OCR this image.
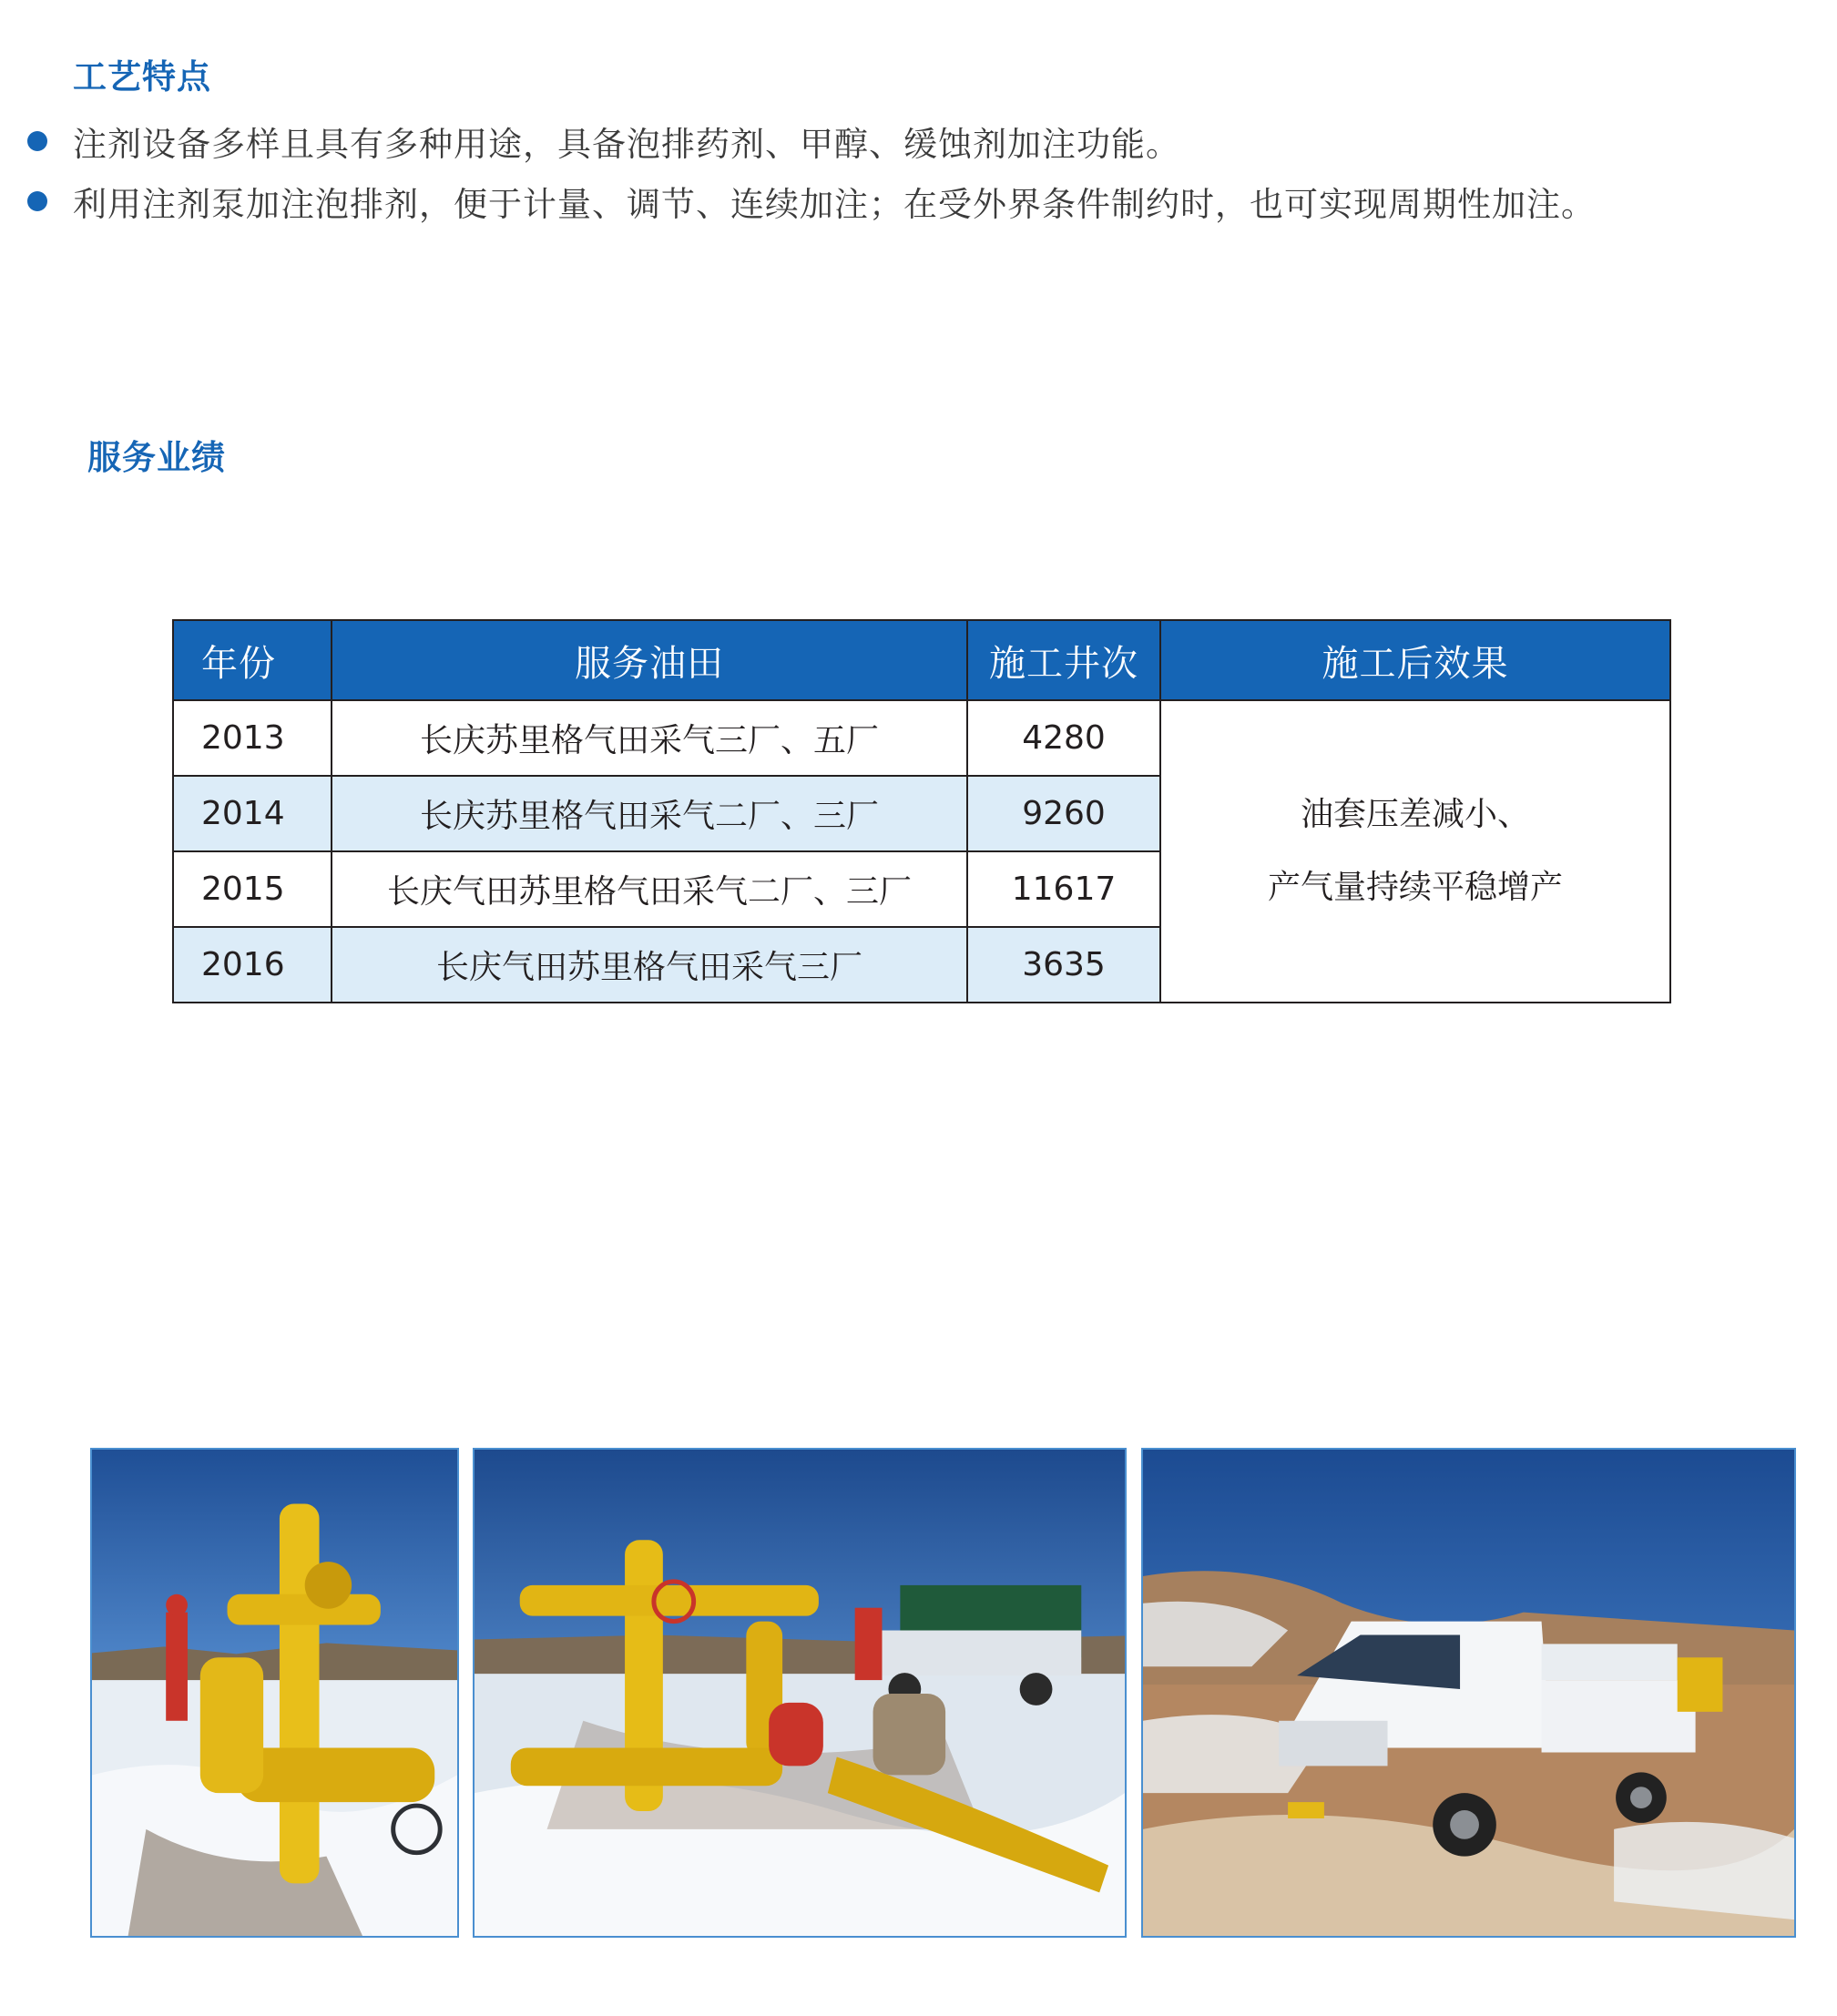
工艺特点
注剂设备多样且具有多种用途，具备泡排药剂、甲醇、缓蚀剂加注功能。
利用注剂泵加注泡排剂，便于计量、调节、连续加注；在受外界条件制约时，也可实现周期性加注。
服务业绩
年份	服务油田	施工井次	施工后效果
2013	长庆苏里格气田采气三厂、五厂	4280	油套压差减小、
产气量持续平稳增产

2014	长庆苏里格气田采气二厂、三厂	9260	
2015	长庆气田苏里格气田采气二厂、三厂	11617	
2016	长庆气田苏里格气田采气三厂	3635	
